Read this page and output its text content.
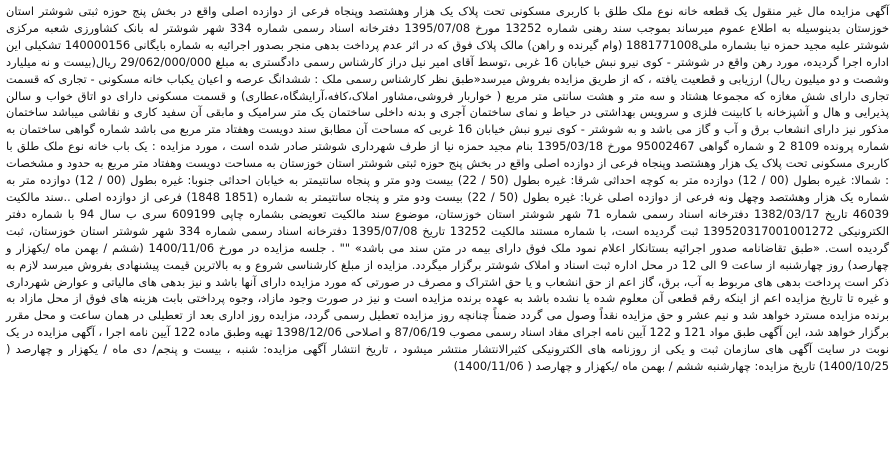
آگهی مزایده مال غیر منقول یک قطعه خانه نوع ملک طلق با کاربری مسکونی تحت پلاک یک هزار وهشتصد وپنجاه فرعی از دوازده اصلی واقع در بخش پنج حوزه ثبتی شوشتر استان خوزستان بدینوسیله به اطلاع عموم میرساند بموجب سند رهنی شماره 13252 مورخ 1395/07/08 دفترخانه اسناد رسمی شماره 334 شهر شوشتر له بانک کشاورزی شعبه مرکزی شوشتر علیه مجید حمزه نیا بشماره ملی1881771008 (وام گیرنده و راهن) مالک پلاک فوق که در اثر عدم پرداخت بدهی منجر بصدور اجرائیه به شماره بایگانی 140000156 تشکیلی این اداره اجرا گردیده، مورد رهن واقع در شوشتر - کوی نیرو نبش خیابان 16 غربی ،توسط آقای امیر نیل دراز کارشناس رسمی دادگستری به مبلغ 29/062/000/000 ریال(بیست و نه میلیارد وشصت و دو میلیون ریال) ارزیابی و قطعیت یافته ، که از طریق مزایده بفروش میرسد«طبق نظر کارشناس رسمی ملک : ششدانگ عرصه و اعیان یکباب خانه مسکونی - تجاری که قسمت تجاری دارای شش مغازه که مجموعا هشتاد و سه متر و هشت سانتی متر مربع ( خواربار فروشی،مشاور املاک،کافه،آرایشگاه،عطاری) و قسمت مسکونی دارای دو اتاق خواب و سالن پذیرایی و هال و آشپزخانه با کابینت فلزی و سرویس بهداشتی در حیاط و نمای ساختمان آجری و بدنه داخلی ساختمان یک متر سرامیک و مابقی آن سفید کاری و نقاشی میباشد ساختمان مذکور نیز دارای انشعاب برق و آب و گاز می باشد و به شوشتر - کوی نیرو نبش خیابان 16 غربی که مساحت آن مطابق سند دویست وهفتاد متر مربع می باشد شماره گواهی ساختمان به شماره پرونده 8109 2 و شماره گواهی 95002467 مورخ 1395/03/18 بنام مجید حمزه نیا از طرف شهرداری شوشتر صادر شده است ، مورد مزایده : یک باب خانه نوع ملک طلق با کاربری مسکونی تحت پلاک یک هزار وهشتصد وپنجاه فرعی از دوازده اصلی واقع در بخش پنج حوزه ثبتی شوشتر استان خوزستان به مساحت دویست وهفتاد متر مربع به حدود و مشخصات : شمالا: غیره بطول (00 / 12) دوازده متر به کوچه احداثی شرقا: غیره بطول (50 / 22) بیست ودو متر و پنجاه سانتیمتر به خیابان احداثی جنوبا: غیره بطول (00 / 12) دوازده متر به شماره یک هزار وهشتصد وچهل ونه فرعی از دوازده اصلی غربا: غیره بطول (50 / 22) بیست ودو متر و پنجاه سانتیمتر به شماره (1851 1848) فرعی از دوازده اصلی ..سند مالکیت 46039 تاریخ 1382/03/17 دفترخانه اسناد رسمی شماره 71 شهر شوشتر استان خوزستان، موضوع سند مالکیت تعویضی بشماره چاپی 609199 سری ب سال 94 با شماره دفتر الکترونیکی 139520317001001272 ثبت گردیده است، با شماره مستند مالکیت 13252 تاریخ 1395/07/08 دفترخانه اسناد رسمی شماره 334 شهر شوشتر استان خوزستان، ثبت گردیده است. «طبق تقاضانامه صدور اجرائیه بستانکار اعلام نمود ملک فوق دارای بیمه در متن سند می باشد» "" . جلسه مزایده در مورخ 1400/11/06 (ششم / بهمن ماه /یکهزار و چهارصد) روز چهارشنبه از ساعت 9 الی 12 در محل اداره ثبت اسناد و املاک شوشتر برگزار میگردد. مزایده از مبلغ کارشناسی شروع و به بالاترین قیمت پیشنهادی بفروش میرسد لازم به ذکر است پرداخت بدهی های مربوط به آب، برق، گاز اعم از حق انشعاب و یا حق اشتراک و مصرف در صورتی که مورد مزایده دارای آنها باشد و نیز بدهی های مالیاتی و عوارض شهرداری و غیره تا تاریخ مزایده اعم از اینکه رقم قطعی آن معلوم شده یا نشده باشد به عهده برنده مزایده است و نیز در صورت وجود مازاد، وجوه پرداختی بابت هزینه های فوق از محل مازاد به برنده مزایده مسترد خواهد شد و نیم عشر و حق مزایده نقداً وصول می گردد ضمناً چنانچه روز مزایده تعطیل رسمی گردد، مزایده روز اداری بعد از تعطیلی در همان ساعت و محل مقرر برگزار خواهد شد، این آگهی طبق مواد 121 و 122 آیین نامه اجرای مفاد اسناد رسمی مصوب 87/06/19 و اصلاحی 1398/12/06 تهیه وطبق ماده 122 آیین نامه اجرا ، آگهی مزایده در یک نوبت در سایت آگهی های سازمان ثبت و یکی از روزنامه های الکترونیکی کثیرالانتشار منتشر میشود ، تاریخ انتشار آگهی مزایده: شنبه ، بیست و پنجم/ دی ماه / یکهزار و چهارصد ( 1400/10/25) تاریخ مزایده: چهارشنبه ششم / بهمن ماه /یکهزار و چهارصد ( 1400/11/06)
